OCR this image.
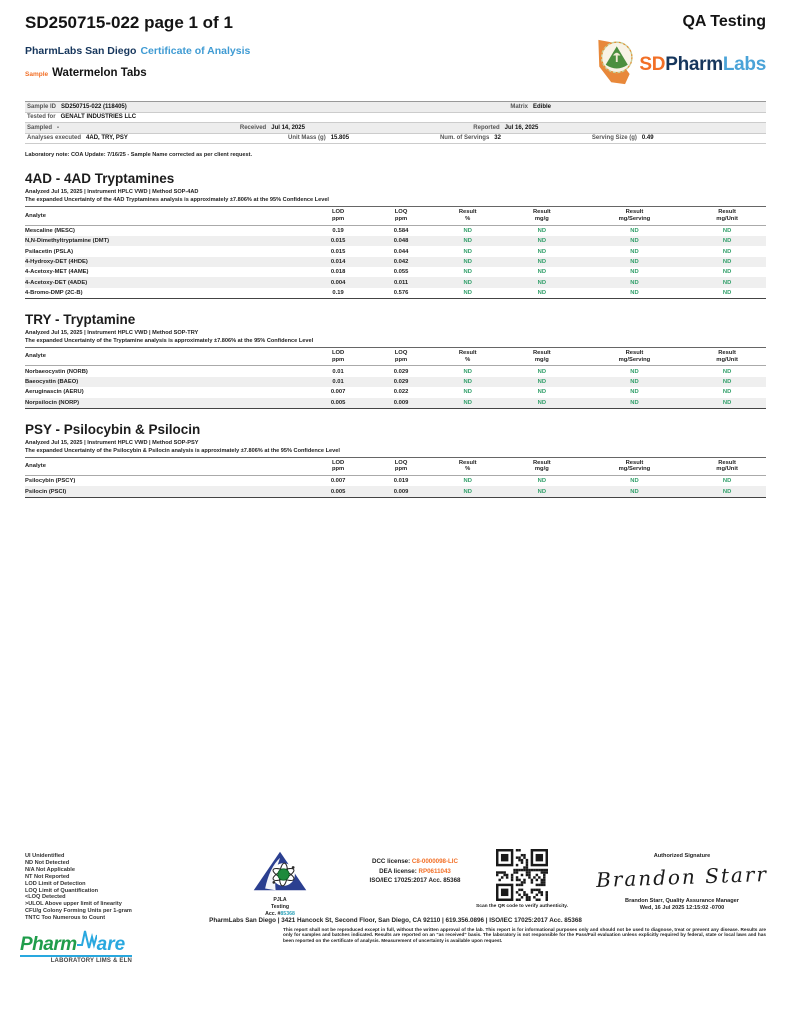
SD250715-022 page 1 of 1	QA Testing
PharmLabs San Diego Certificate of Analysis
Sample Watermelon Tabs	SDPharmLabs
Sample ID SD250715-022 (118405)	Matrix Edible
Tested for GENALT INDUSTRIES LLC
Sampled -	Received Jul 14, 2025	Reported Jul 16, 2025
Analyses executed 4AD, TRY, PSY	Unit Mass (g) 15.805	Num. of Servings 32	Serving Size (g) 0.49
Laboratory note: COA Update: 7/16/25 - Sample Name corrected as per client request.
4AD - 4AD Tryptamines
Analyzed Jul 15, 2025 | Instrument HPLC VWD | Method SOP-4AD
The expanded Uncertainty of the 4AD Tryptamines analysis is approximately ±7.806% at the 95% Confidence Level
Analyte

LOD
ppm

LOQ
ppm

Result
%

Result
mg/g

Result
mg/Serving

Result
mg/Unit

Mescaline (MESC)	0.19	0.584	ND	ND	ND	ND
N,N-Dimethyltryptamine (DMT)	0.015	0.048	ND	ND	ND	ND
Psilacetin (PSLA)	0.015	0.044	ND	ND	ND	ND
4-Hydroxy-DET (4HDE)	0.014	0.042	ND	ND	ND	ND
4-Acetoxy-MET (4AME)	0.018	0.055	ND	ND	ND	ND
4-Acetoxy-DET (4ADE)	0.004	0.011	ND	ND	ND	ND
4-Bromo-DMP (2C-B)	0.19	0.576	ND	ND	ND	ND
TRY - Tryptamine
Analyzed Jul 15, 2025 | Instrument HPLC VWD | Method SOP-TRY
The expanded Uncertainty of the Tryptamine analysis is approximately ±7.806% at the 95% Confidence Level
Analyte

LOD
ppm

LOQ
ppm

Result
%

Result
mg/g

Result
mg/Serving

Result
mg/Unit

Norbaeocystin (NORB)	0.01	0.029	ND	ND	ND	ND
Baeocystin (BAEO)	0.01	0.029	ND	ND	ND	ND
Aeruginascin (AERU)	0.007	0.022	ND	ND	ND	ND
Norpsilocin (NORP)	0.005	0.009	ND	ND	ND	ND
PSY - Psilocybin & Psilocin
Analyzed Jul 15, 2025 | Instrument HPLC VWD | Method SOP-PSY
The expanded Uncertainty of the Psilocybin & Psilocin analysis is approximately ±7.806% at the 95% Confidence Level
Analyte

LOD
ppm

LOQ
ppm

Result
%

Result
mg/g

Result
mg/Serving

Result
mg/Unit

Psilocybin (PSCY)	0.007	0.019	ND	ND	ND	ND
Psilocin (PSCI)	0.005	0.009	ND	ND	ND	ND
UI Unidentified
ND Not Detected
N/A Not Applicable
NT Not Reported
LOD Limit of Detection
LOQ Limit of Quantification
<LOQ Detected
>ULOL Above upper limit of linearity
CFU/g Colony Forming Units per 1-gram
TNTC Too Numerous to Count
PJLA
Testing
Acc. #85368
DCC license: C8-0000098-LIC
DEA license: RP0611043
ISO/IEC 17025:2017 Acc. 85368
Scan the QR code to verify authenticity.
Authorized Signature
Brandon Starr
Brandon Starr, Quality Assurance Manager
Wed, 16 Jul 2025 12:15:02 -0700
PharmLabs San Diego | 3421 Hancock St, Second Floor, San Diego, CA 92110 | 619.356.0896 | ISO/IEC 17025:2017 Acc. 85368
This report shall not be reproduced except in full, without the written approval of the lab. This report is for informational purposes only and should not be used to diagnose, treat or prevent any disease. Results are only for samples and batches indicated. Results are reported on an "as received" basis. The laboratory is not responsible for the Pass/Fail evaluation unless explicitly required by federal, state or local laws and has been reported on the certificate of analysis. Measurement of uncertainty is available upon request.
Pharm are
LABORATORY LIMS & ELN
